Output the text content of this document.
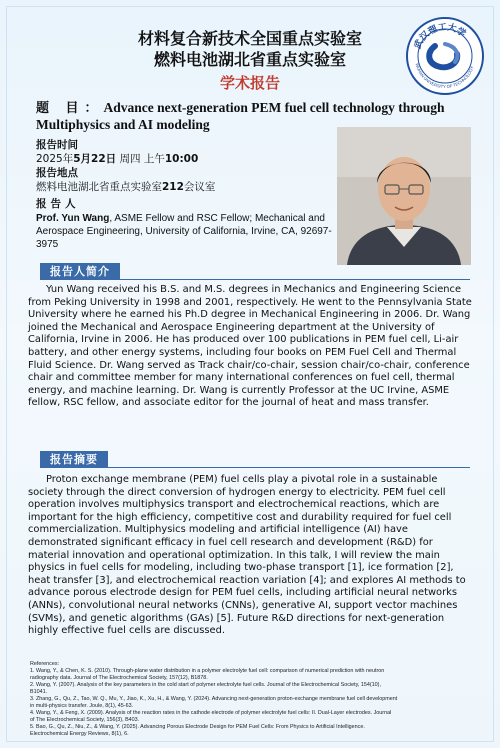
材料复合新技术全国重点实验室
燃料电池湖北省重点实验室
学术报告
武汉理工大学
WUHAN UNIVERSITY OF TECHNOLOGY
题 目：Advance next-generation PEM fuel cell technology through Multiphysics and AI modeling
报告时间
2025年5月22日 周四 上午10:00
报告地点
燃料电池湖北省重点实验室212会议室
报告人
Prof. Yun Wang, ASME Fellow and RSC Fellow; Mechanical and Aerospace Engineering, University of California, Irvine, CA, 92697-3975
报告人简介

Yun Wang received his B.S. and M.S. degrees in Mechanics and Engineering Science from Peking University in 1998 and 2001, respectively. He went to the Pennsylvania State University where he earned his Ph.D degree in Mechanical Engineering in 2006. Dr. Wang joined the Mechanical and Aerospace Engineering department at the University of California, Irvine in 2006. He has produced over 100 publications in PEM fuel cell, Li-air battery, and other energy systems, including four books on PEM Fuel Cell and Thermal Fluid Science. Dr. Wang served as Track chair/co-chair, session chair/co-chair, conference chair and committee member for many international conferences on fuel cell, thermal energy, and machine learning. Dr. Wang is currently Professor at the UC Irvine, ASME fellow, RSC fellow, and associate editor for the journal of heat and mass transfer.

报告摘要

Proton exchange membrane (PEM) fuel cells play a pivotal role in a sustainable society through the direct conversion of hydrogen energy to electricity. PEM fuel cell operation involves multiphysics transport and electrochemical reactions, which are important for the high efficiency, competitive cost and durability required for fuel cell commercialization. Multiphysics modeling and artificial intelligence (AI) have demonstrated significant efficacy in fuel cell research and development (R&D) for material innovation and operational optimization. In this talk, I will review the main physics in fuel cells for modeling, including two-phase transport [1], ice formation [2], heat transfer [3], and electrochemical reaction variation [4]; and explores AI methods to advance porous electrode design for PEM fuel cells, including artificial neural networks (ANNs), convolutional neural networks (CNNs), generative AI, support vector machines (SVMs), and genetic algorithms (GAs) [5]. Future R&D directions for next-generation highly effective fuel cells are discussed.

References:
1. Wang, Y., & Chen, K. S. (2010). Through-plane water distribution in a polymer electrolyte fuel cell: comparison of numerical prediction with neutron
radiography data. Journal of The Electrochemical Society, 157(12), B1878.
2. Wang, Y. (2007). Analysis of the key parameters in the cold start of polymer electrolyte fuel cells. Journal of the Electrochemical Society, 154(10),
B1041.
3. Zhang, G., Qu, Z., Tao, W. Q., Mu, Y., Jiao, K., Xu, H., & Wang, Y. (2024). Advancing next-generation proton-exchange membrane fuel cell development
in multi-physics transfer. Joule, 8(1), 45-63.
4. Wang, Y., & Feng, X. (2009). Analysis of the reaction rates in the cathode electrode of polymer electrolyte fuel cells: II. Dual-Layer electrodes. Journal
of The Electrochemical Society, 156(3), B403.
5. Bao, G., Qu, Z., Niu, Z., & Wang, Y. (2025). Advancing Porous Electrode Design for PEM Fuel Cells: From Physics to Artificial Intelligence.
Electrochemical Energy Reviews, 8(1), 6.
